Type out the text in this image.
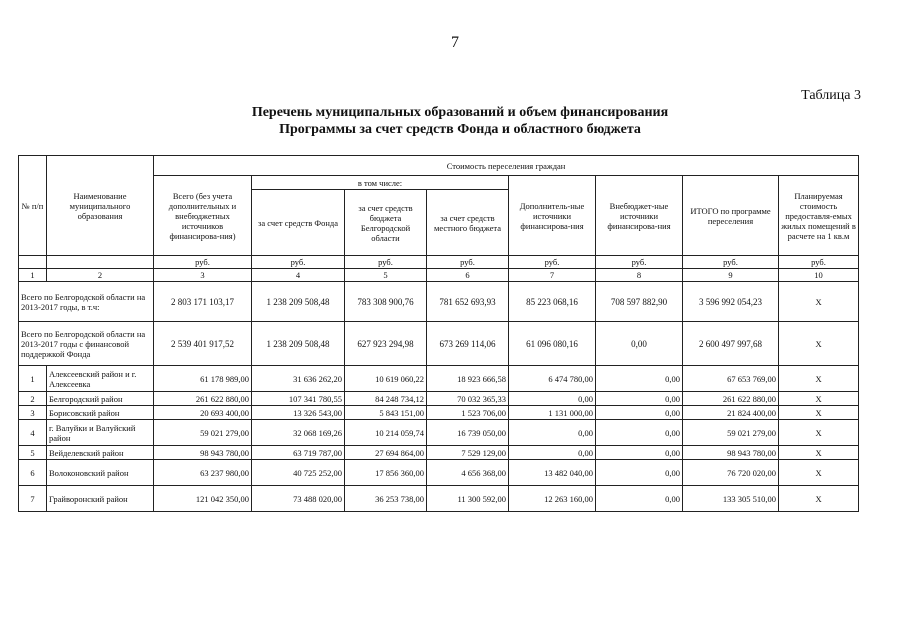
7
Таблица 3
Перечень муниципальных образований и объем финансирования
Программы за счет средств Фонда и областного бюджета
№ п/п	Наименование муниципального образования	Стоимость переселения граждан							
		Всего (без учета дополнительных и внебюджетных источников финансирова-ния)	в том числе:			Дополнитель-ные источники финансирова-ния	Внебюджет-ные источники финансирова-ния	ИТОГО по программе переселения	Планируемая стоимость предоставля-емых жилых помещений в расчете на 1 кв.м
			за счет средств Фонда	за счет средств бюджета Белгородской области	за счет средств местного бюджета				
		руб.	руб.	руб.	руб.	руб.	руб.	руб.	руб.
1	2	3	4	5	6	7	8	9	10
Всего по Белгородской области на 2013-2017 годы, в т.ч:		2 803 171 103,17	1 238 209 508,48	783 308 900,76	781 652 693,93	85 223 068,16	708 597 882,90	3 596 992 054,23	Х
Всего по Белгородской области на 2013-2017 годы с финансовой поддержкой Фонда		2 539 401 917,52	1 238 209 508,48	627 923 294,98	673 269 114,06	61 096 080,16	0,00	2 600 497 997,68	Х
1	Алексеевский район и г. Алексеевка	61 178 989,00	31 636 262,20	10 619 060,22	18 923 666,58	6 474 780,00	0,00	67 653 769,00	Х
2	Белгородский район	261 622 880,00	107 341 780,55	84 248 734,12	70 032 365,33	0,00	0,00	261 622 880,00	Х
3	Борисовский район	20 693 400,00	13 326 543,00	5 843 151,00	1 523 706,00	1 131 000,00	0,00	21 824 400,00	Х
4	г. Валуйки и Валуйский район	59 021 279,00	32 068 169,26	10 214 059,74	16 739 050,00	0,00	0,00	59 021 279,00	Х
5	Вейделевский район	98 943 780,00	63 719 787,00	27 694 864,00	7 529 129,00	0,00	0,00	98 943 780,00	Х
6	Волоконовский район	63 237 980,00	40 725 252,00	17 856 360,00	4 656 368,00	13 482 040,00	0,00	76 720 020,00	Х
7	Грайворонский район	121 042 350,00	73 488 020,00	36 253 738,00	11 300 592,00	12 263 160,00	0,00	133 305 510,00	Х
